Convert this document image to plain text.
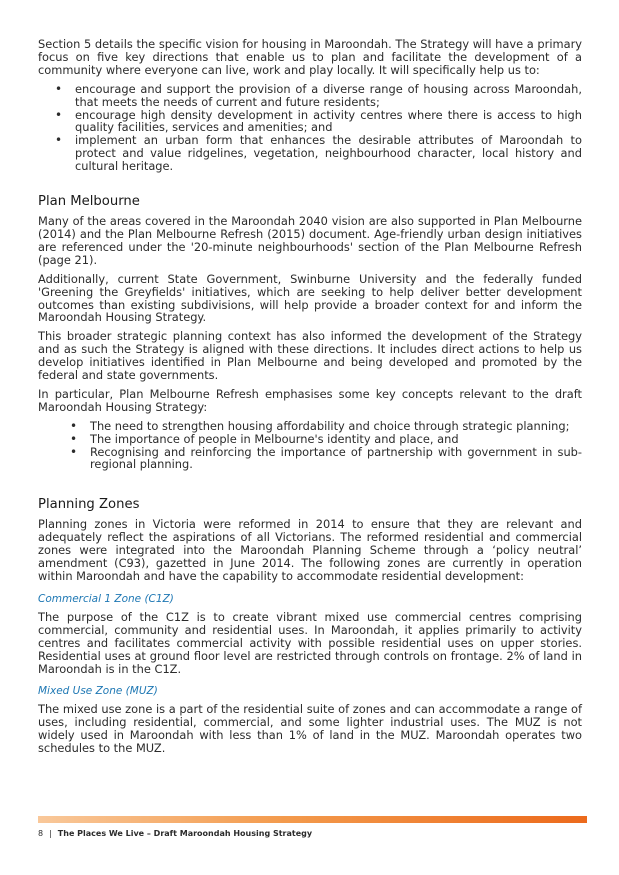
Section 5 details the specific vision for housing in Maroondah. The Strategy will have a primary focus on five key directions that enable us to plan and facilitate the development of a community where everyone can live, work and play locally. It will specifically help us to:

• encourage and support the provision of a diverse range of housing across Maroondah, that meets the needs of current and future residents;
• encourage high density development in activity centres where there is access to high quality facilities, services and amenities; and
• implement an urban form that enhances the desirable attributes of Maroondah to protect and value ridgelines, vegetation, neighbourhood character, local history and cultural heritage.
Plan Melbourne

Many of the areas covered in the Maroondah 2040 vision are also supported in Plan Melbourne (2014) and the Plan Melbourne Refresh (2015) document. Age-friendly urban design initiatives are referenced under the '20-minute neighbourhoods' section of the Plan Melbourne Refresh (page 21).

Additionally, current State Government, Swinburne University and the federally funded 'Greening the Greyfields' initiatives, which are seeking to help deliver better development outcomes than existing subdivisions, will help provide a broader context for and inform the Maroondah Housing Strategy.

This broader strategic planning context has also informed the development of the Strategy and as such the Strategy is aligned with these directions. It includes direct actions to help us develop initiatives identified in Plan Melbourne and being developed and promoted by the federal and state governments.

In particular, Plan Melbourne Refresh emphasises some key concepts relevant to the draft Maroondah Housing Strategy:

• The need to strengthen housing affordability and choice through strategic planning;
• The importance of people in Melbourne's identity and place, and
• Recognising and reinforcing the importance of partnership with government in sub-regional planning.
Planning Zones

Planning zones in Victoria were reformed in 2014 to ensure that they are relevant and adequately reflect the aspirations of all Victorians. The reformed residential and commercial zones were integrated into the Maroondah Planning Scheme through a ‘policy neutral’ amendment (C93), gazetted in June 2014. The following zones are currently in operation within Maroondah and have the capability to accommodate residential development:

Commercial 1 Zone (C1Z)

The purpose of the C1Z is to create vibrant mixed use commercial centres comprising commercial, community and residential uses. In Maroondah, it applies primarily to activity centres and facilitates commercial activity with possible residential uses on upper stories. Residential uses at ground floor level are restricted through controls on frontage. 2% of land in Maroondah is in the C1Z.

Mixed Use Zone (MUZ)

The mixed use zone is a part of the residential suite of zones and can accommodate a range of uses, including residential, commercial, and some lighter industrial uses. The MUZ is not widely used in Maroondah with less than 1% of land in the MUZ. Maroondah operates two schedules to the MUZ.

8 | The Places We Live – Draft Maroondah Housing Strategy
